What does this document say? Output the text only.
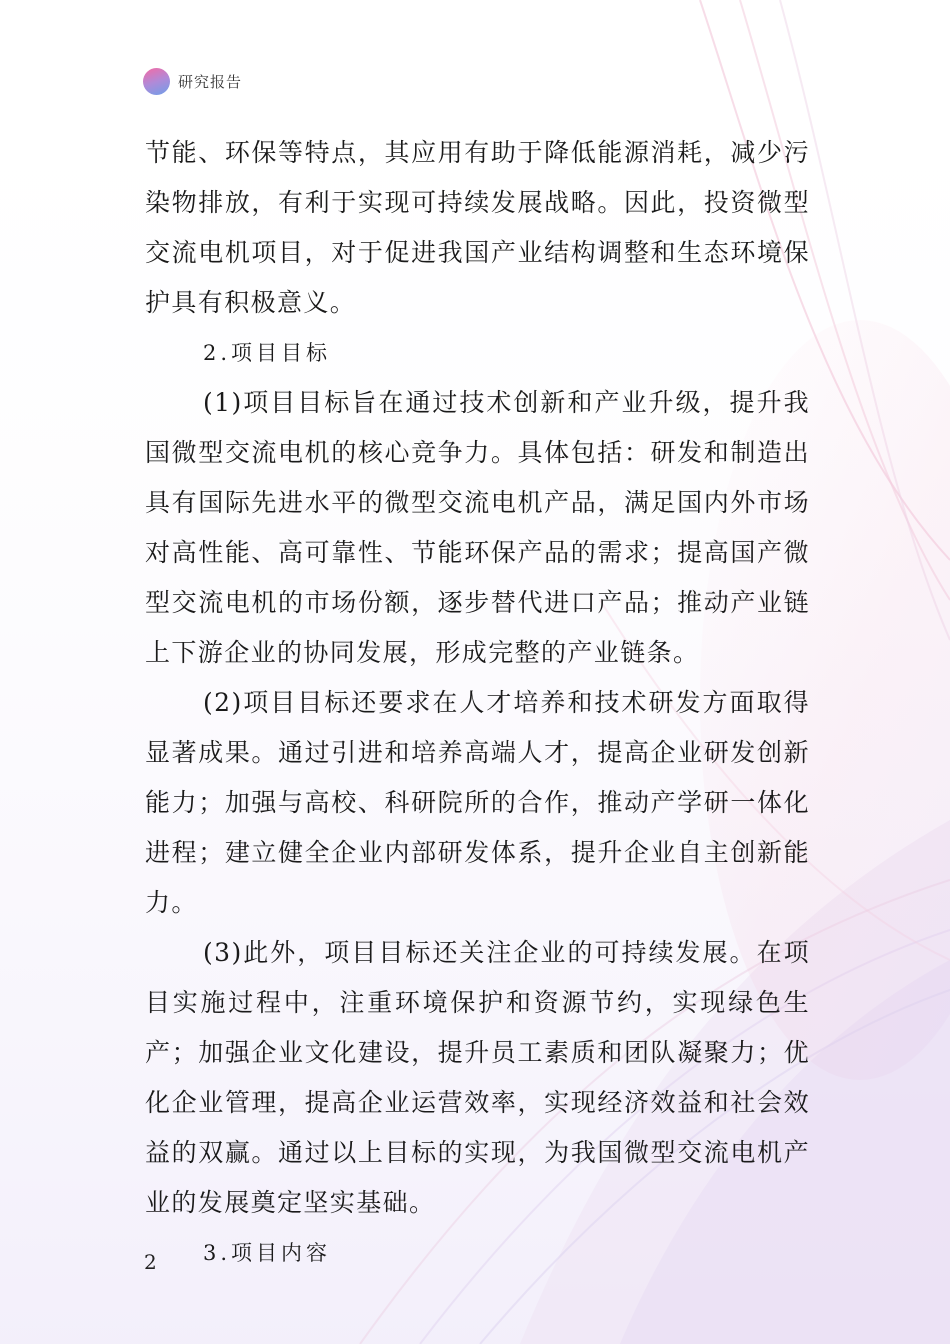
研究报告

节能、环保等特点，其应用有助于降低能源消耗，减少污染物排放，有利于实现可持续发展战略。因此，投资微型交流电机项目，对于促进我国产业结构调整和生态环境保护具有积极意义。

2.项目目标

(1)项目目标旨在通过技术创新和产业升级，提升我国微型交流电机的核心竞争力。具体包括：研发和制造出具有国际先进水平的微型交流电机产品，满足国内外市场对高性能、高可靠性、节能环保产品的需求；提高国产微型交流电机的市场份额，逐步替代进口产品；推动产业链上下游企业的协同发展，形成完整的产业链条。

(2)项目目标还要求在人才培养和技术研发方面取得显著成果。通过引进和培养高端人才，提高企业研发创新能力；加强与高校、科研院所的合作，推动产学研一体化进程；建立健全企业内部研发体系，提升企业自主创新能力。

(3)此外，项目目标还关注企业的可持续发展。在项目实施过程中，注重环境保护和资源节约，实现绿色生产；加强企业文化建设，提升员工素质和团队凝聚力；优化企业管理，提高企业运营效率，实现经济效益和社会效益的双赢。通过以上目标的实现，为我国微型交流电机产业的发展奠定坚实基础。

3.项目内容
2
